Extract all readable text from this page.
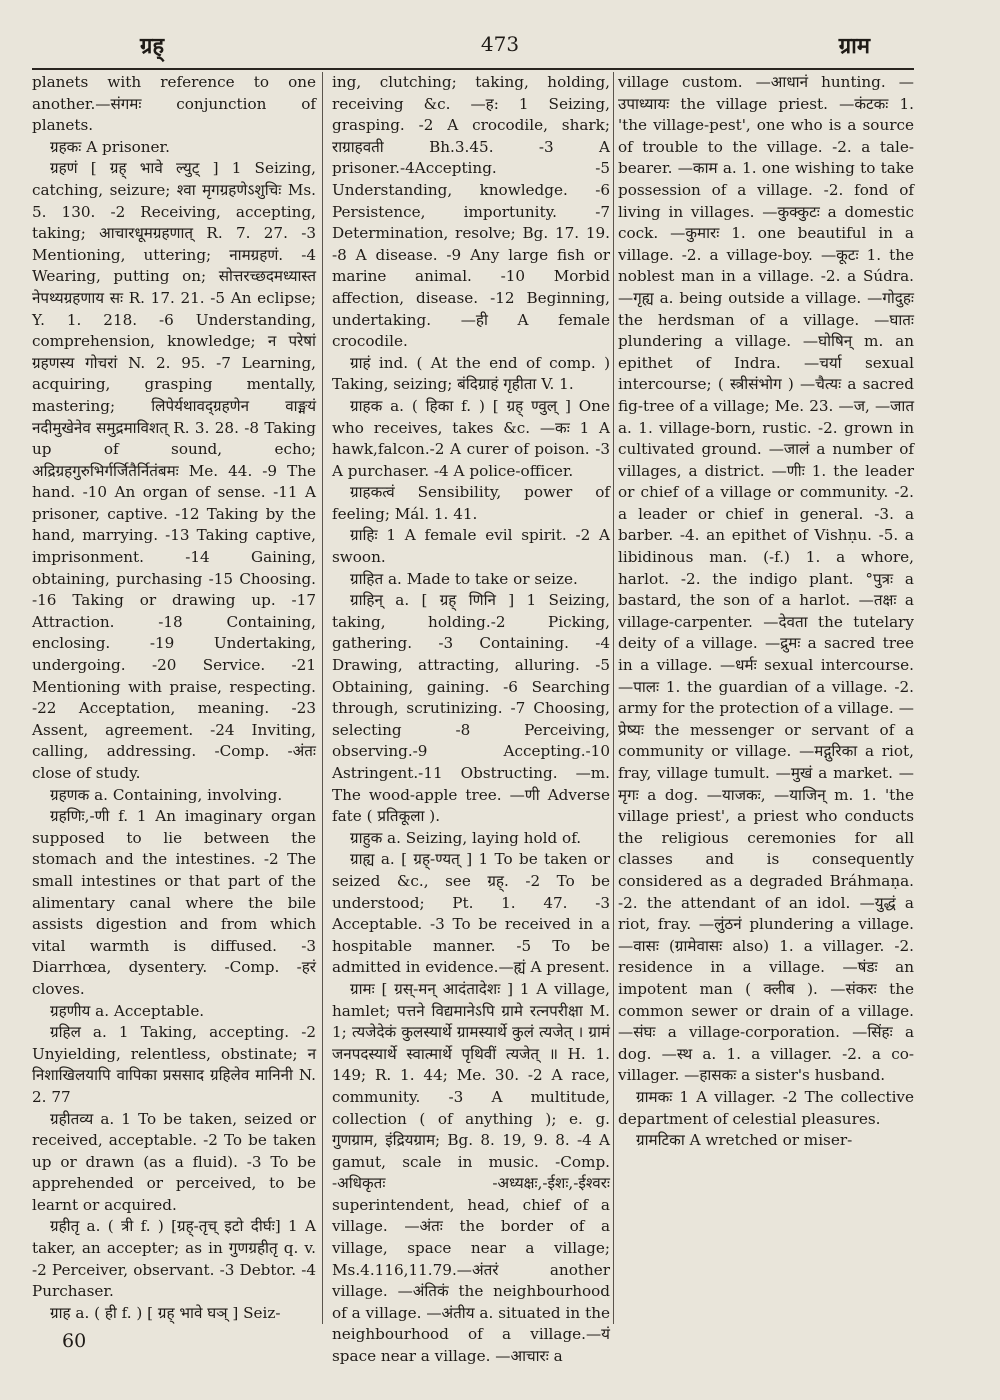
ग्रह्	473	ग्राम

planets with reference to one another.—संगमः conjunction of planets.

ग्रहकः A prisoner.

ग्रहणं [ ग्रह् भावे ल्युट् ] 1 Seizing, catching, seizure; श्वा मृगग्रहणेऽशुचिः Ms. 5. 130. -2 Receiving, accepting, taking; आचारधूमग्रहणात् R. 7. 27. -3 Mentioning, uttering; नामग्रहणं. -4 Wearing, putting on; सोत्तरच्छदमध्यास्त नेपथ्यग्रहणाय सः R. 17. 21. -5 An eclipse; Y. 1. 218. -6 Understanding, comprehension, knowledge; न परेषां ग्रहणस्य गोचरां N. 2. 95. -7 Learning, acquiring, grasping mentally, mastering; लिपेर्यथावद्ग्रहणेन वाङ्मयं नदीमुखेनेव समुद्रमाविशत् R. 3. 28. -8 Taking up of sound, echo; अद्रिग्रहगुरुभिर्गर्जितैर्नितंबमः Me. 44. -9 The hand. -10 An organ of sense. -11 A prisoner, captive. -12 Taking by the hand, marrying. -13 Taking captive, imprisonment. -14 Gaining, obtaining, purchasing -15 Choosing. -16 Taking or drawing up. -17 Attraction. -18 Containing, enclosing. -19 Undertaking, undergoing. -20 Service. -21 Mentioning with praise, respecting. -22 Acceptation, meaning. -23 Assent, agreement. -24 Inviting, calling, addressing. -Comp. -अंतः close of study.

ग्रहणक a. Containing, involving.

ग्रहणिः,-णी f. 1 An imaginary organ supposed to lie between the stomach and the intestines. -2 The small intestines or that part of the alimentary canal where the bile assists digestion and from which vital warmth is diffused. -3 Diarrhœa, dysentery. -Comp. -हरं cloves.

ग्रहणीय a. Acceptable.

ग्रहिल a. 1 Taking, accepting. -2 Unyielding, relentless, obstinate; न निशाखिलयापि वापिका प्रससाद ग्रहिलेव मानिनी N. 2. 77

ग्रहीतव्य a. 1 To be taken, seized or received, acceptable. -2 To be taken up or drawn (as a fluid). -3 To be apprehended or perceived, to be learnt or acquired.

ग्रहीतृ a. ( त्री f. ) [ग्रह्-तृच् इटो दीर्घः] 1 A taker, an accepter; as in गुणग्रहीतृ q. v. -2 Perceiver, observant. -3 Debtor. -4 Purchaser.

ग्राह a. ( ही f. ) [ ग्रह् भावे घञ् ] Seiz-

ing, clutching; taking, holding, receiving &c. —ह: 1 Seizing, grasping. -2 A crocodile, shark; राग्राहवती Bh.3.45. -3 A prisoner.-4Accepting. -5 Understanding, knowledge. -6 Persistence, importunity. -7 Determination, resolve; Bg. 17. 19. -8 A disease. -9 Any large fish or marine animal. -10 Morbid affection, disease. -12 Beginning, undertaking. —ही A female crocodile.

ग्राहं ind. ( At the end of comp. ) Taking, seizing; बंदिग्राहं गृहीता V. 1.

ग्राहक a. ( हिका f. ) [ ग्रह् ण्वुल् ] One who receives, takes &c. —कः 1 A hawk,falcon.-2 A curer of poison. -3 A purchaser. -4 A police-officer.

ग्राहकत्वं Sensibility, power of feeling; Mál. 1. 41.

ग्राहिः 1 A female evil spirit. -2 A swoon.

ग्राहित a. Made to take or seize.

ग्राहिन् a. [ ग्रह् णिनि ] 1 Seizing, taking, holding.-2 Picking, gathering. -3 Containing. -4 Drawing, attracting, alluring. -5 Obtaining, gaining. -6 Searching through, scrutinizing. -7 Choosing, selecting -8 Perceiving, observing.-9 Accepting.-10 Astringent.-11 Obstructing. —m. The wood-apple tree. —णी Adverse fate ( प्रतिकूला ).

ग्राहुक a. Seizing, laying hold of.

ग्राह्य a. [ ग्रह्-ण्यत् ] 1 To be taken or seized &c., see ग्रह्. -2 To be understood; Pt. 1. 47. -3 Acceptable. -3 To be received in a hospitable manner. -5 To be admitted in evidence.—ह्यं A present.

ग्रामः [ ग्रस्-मन् आदंतादेशः ] 1 A village, hamlet; पत्तने विद्यमानेऽपि ग्रामे रत्नपरीक्षा M. 1; त्यजेदेकं कुलस्यार्थे ग्रामस्यार्थे कुलं त्यजेत् । ग्रामं जनपदस्यार्थे स्वात्मार्थे पृथिवीं त्यजेत् ॥ H. 1. 149; R. 1. 44; Me. 30. -2 A race, community. -3 A multitude, collection ( of anything ); e. g. गुणग्राम, इंद्रियग्राम; Bg. 8. 19, 9. 8. -4 A gamut, scale in music. -Comp. -अधिकृतः -अध्यक्षः,-ईशः,-ईश्वरः superintendent, head, chief of a village. —अंतः the border of a village, space near a village; Ms.4.116,11.79.—अंतरं another village. —अंतिकं the neighbourhood of a village. —अंतीय a. situated in the neighbourhood of a village.—यं space near a village. —आचारः a

village custom. —आधानं hunting. —उपाध्यायः the village priest. —कंटकः 1. 'the village-pest', one who is a source of trouble to the village. -2. a tale-bearer. —काम a. 1. one wishing to take possession of a village. -2. fond of living in villages. —कुक्कुटः a domestic cock. —कुमारः 1. one beautiful in a village. -2. a village-boy. —कूटः 1. the noblest man in a village. -2. a Súdra. —गृह्य a. being outside a village. —गोदुहः the herdsman of a village. —घातः plundering a village. —घोषिन् m. an epithet of Indra. —चर्या sexual intercourse; ( स्त्रीसंभोग ) —चैत्यः a sacred fig-tree of a village; Me. 23. —ज, —जात a. 1. village-born, rustic. -2. grown in cultivated ground. —जालं a number of villages, a district. —णीः 1. the leader or chief of a village or community. -2. a leader or chief in general. -3. a barber. -4. an epithet of Vishṇu. -5. a libidinous man. (-f.) 1. a whore, harlot. -2. the indigo plant. °पुत्रः a bastard, the son of a harlot. —तक्षः a village-carpenter. —देवता the tutelary deity of a village. —द्रुमः a sacred tree in a village. —धर्मः sexual intercourse. —पालः 1. the guardian of a village. -2. army for the protection of a village. —प्रेष्यः the messenger or servant of a community or village. —मद्गुरिका a riot, fray, village tumult. —मुखं a market. —मृगः a dog. —याजकः, —याजिन् m. 1. 'the village priest', a priest who conducts the religious ceremonies for all classes and is consequently considered as a degraded Bráhmaṇa. -2. the attendant of an idol. —युद्धं a riot, fray. —लुंठनं plundering a village. —वासः (ग्रामेवासः also) 1. a villager. -2. residence in a village. —षंडः an impotent man ( क्लीब ). —संकरः the common sewer or drain of a village. —संघः a village-corporation. —सिंहः a dog. —स्थ a. 1. a villager. -2. a co-villager. —हासकः a sister's husband.

ग्रामकः 1 A villager. -2 The collective department of celestial pleasures.

ग्रामटिका A wretched or miser-

60
